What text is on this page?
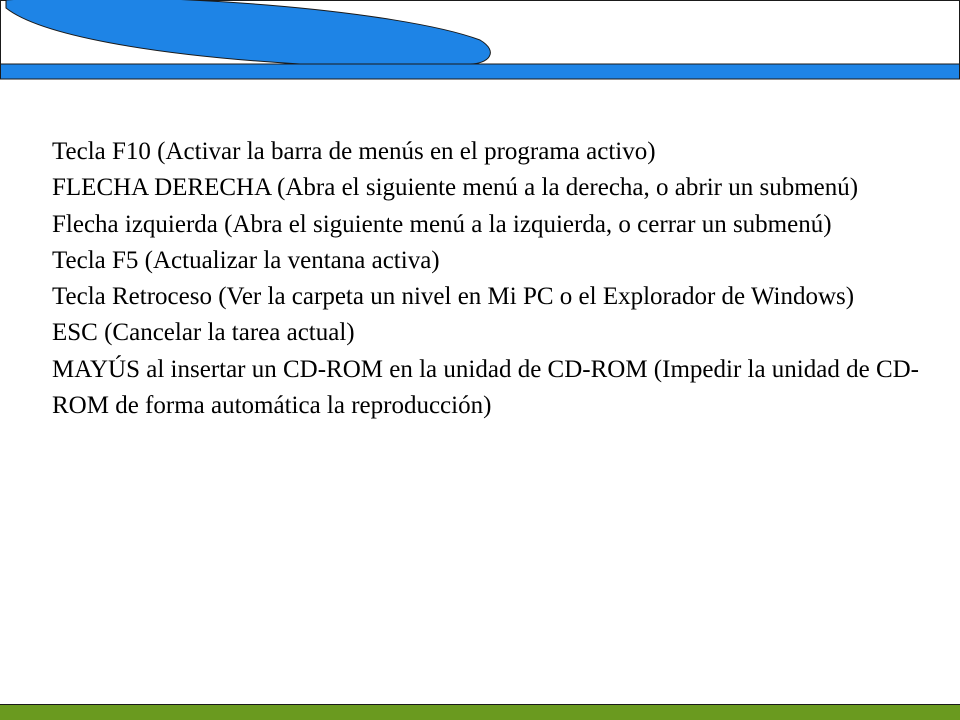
Tecla F10 (Activar la barra de menús en el programa activo)

FLECHA DERECHA (Abra el siguiente menú a la derecha, o abrir un submenú)

Flecha izquierda (Abra el siguiente menú a la izquierda, o cerrar un submenú)

Tecla F5 (Actualizar la ventana activa)

Tecla Retroceso (Ver la carpeta un nivel en Mi PC o el Explorador de Windows)

ESC (Cancelar la tarea actual)

MAYÚS al insertar un CD-ROM en la unidad de CD-ROM (Impedir la unidad de CD-ROM de forma automática la reproducción)
